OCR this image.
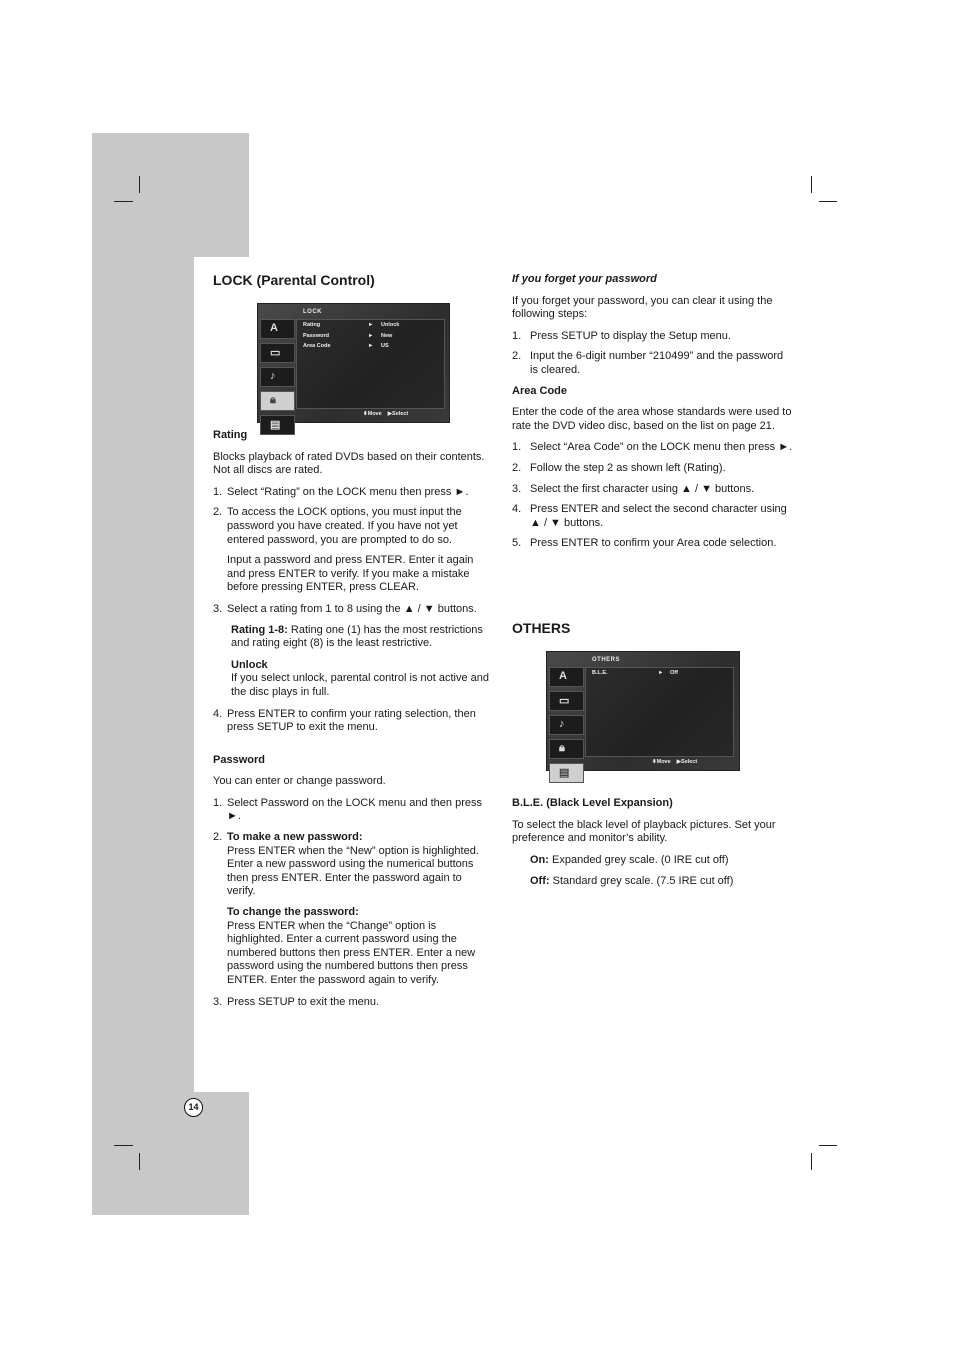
LOCK (Parental Control)
LOCK
A
▭
♪
🔒︎
▤
Rating	► Unlock
Password	► New
Area Code	► US
⬍Move ▶Select

Rating

Blocks playback of rated DVDs based on their contents. Not all discs are rated.

1. Select “Rating” on the LOCK menu then press ►.
2. To access the LOCK options, you must input the password you have created. If you have not yet entered password, you are prompted to do so.

Input a password and press ENTER. Enter it again and press ENTER to verify. If you make a mistake before pressing ENTER, press CLEAR.

3. Select a rating from 1 to 8 using the ▲ / ▼ buttons.

Rating 1-8: Rating one (1) has the most restrictions and rating eight (8) is the least restrictive.

Unlock
If you select unlock, parental control is not active and the disc plays in full.

4. Press ENTER to confirm your rating selection, then press SETUP to exit the menu.

Password

You can enter or change password.

1. Select Password on the LOCK menu and then press ►.
2. To make a new password:
Press ENTER when the “New” option is highlighted. Enter a new password using the numerical buttons then press ENTER. Enter the password again to verify.

To change the password:
Press ENTER when the “Change” option is highlighted. Enter a current password using the numbered buttons then press ENTER. Enter a new password using the numbered buttons then press ENTER. Enter the password again to verify.

3. Press SETUP to exit the menu.

If you forget your password

If you forget your password, you can clear it using the following steps:

1. Press SETUP to display the Setup menu.
2. Input the 6-digit number “210499” and the password is cleared.

Area Code

Enter the code of the area whose standards were used to rate the DVD video disc, based on the list on page 21.

1. Select “Area Code” on the LOCK menu then press ►.
2. Follow the step 2 as shown left (Rating).
3. Select the first character using ▲ / ▼ buttons.
4. Press ENTER and select the second character using ▲ / ▼ buttons.
5. Press ENTER to confirm your Area code selection.
OTHERS
OTHERS
A
▭
♪
🔒︎
▤
B.L.E.	► Off
⬍Move ▶Select

B.L.E. (Black Level Expansion)

To select the black level of playback pictures. Set your preference and monitor’s ability.

On: Expanded grey scale. (0 IRE cut off)

Off: Standard grey scale. (7.5 IRE cut off)

14
